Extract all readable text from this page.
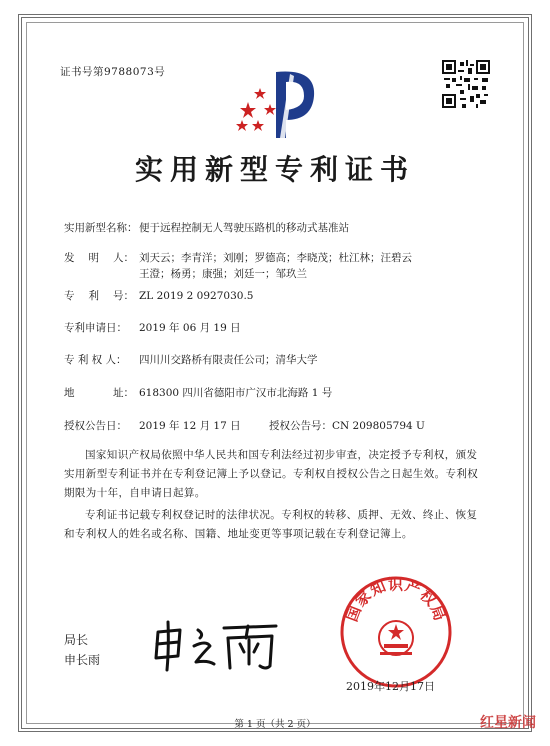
证书号第9788073号
实用新型专利证书
实用新型名称： 便于远程控制无人驾驶压路机的移动式基准站
发 明 人： 刘天云；李青洋；刘刚；罗德高；李晓茂；杜江林；汪碧云
王澄；杨勇；康强；刘廷一；邹玖兰
专 利 号： ZL 2019 2 0927030.5
专利申请日： 2019 年 06 月 19 日
专 利 权 人： 四川川交路桥有限责任公司；清华大学
地	址： 618300 四川省德阳市广汉市北海路 1 号
授权公告日： 2019 年 12 月 17 日	授权公告号：CN 209805794 U
国家知识产权局依照中华人民共和国专利法经过初步审查，决定授予专利权，颁发实用新型专利证书并在专利登记簿上予以登记。专利权自授权公告之日起生效。专利权期限为十年，自申请日起算。
专利证书记载专利权登记时的法律状况。专利权的转移、质押、无效、终止、恢复和专利权人的姓名或名称、国籍、地址变更等事项记载在专利登记簿上。
局长
申长雨
国家知识产权局
2019年12月17日
第 1 页（共 2 页）	红星新闻
